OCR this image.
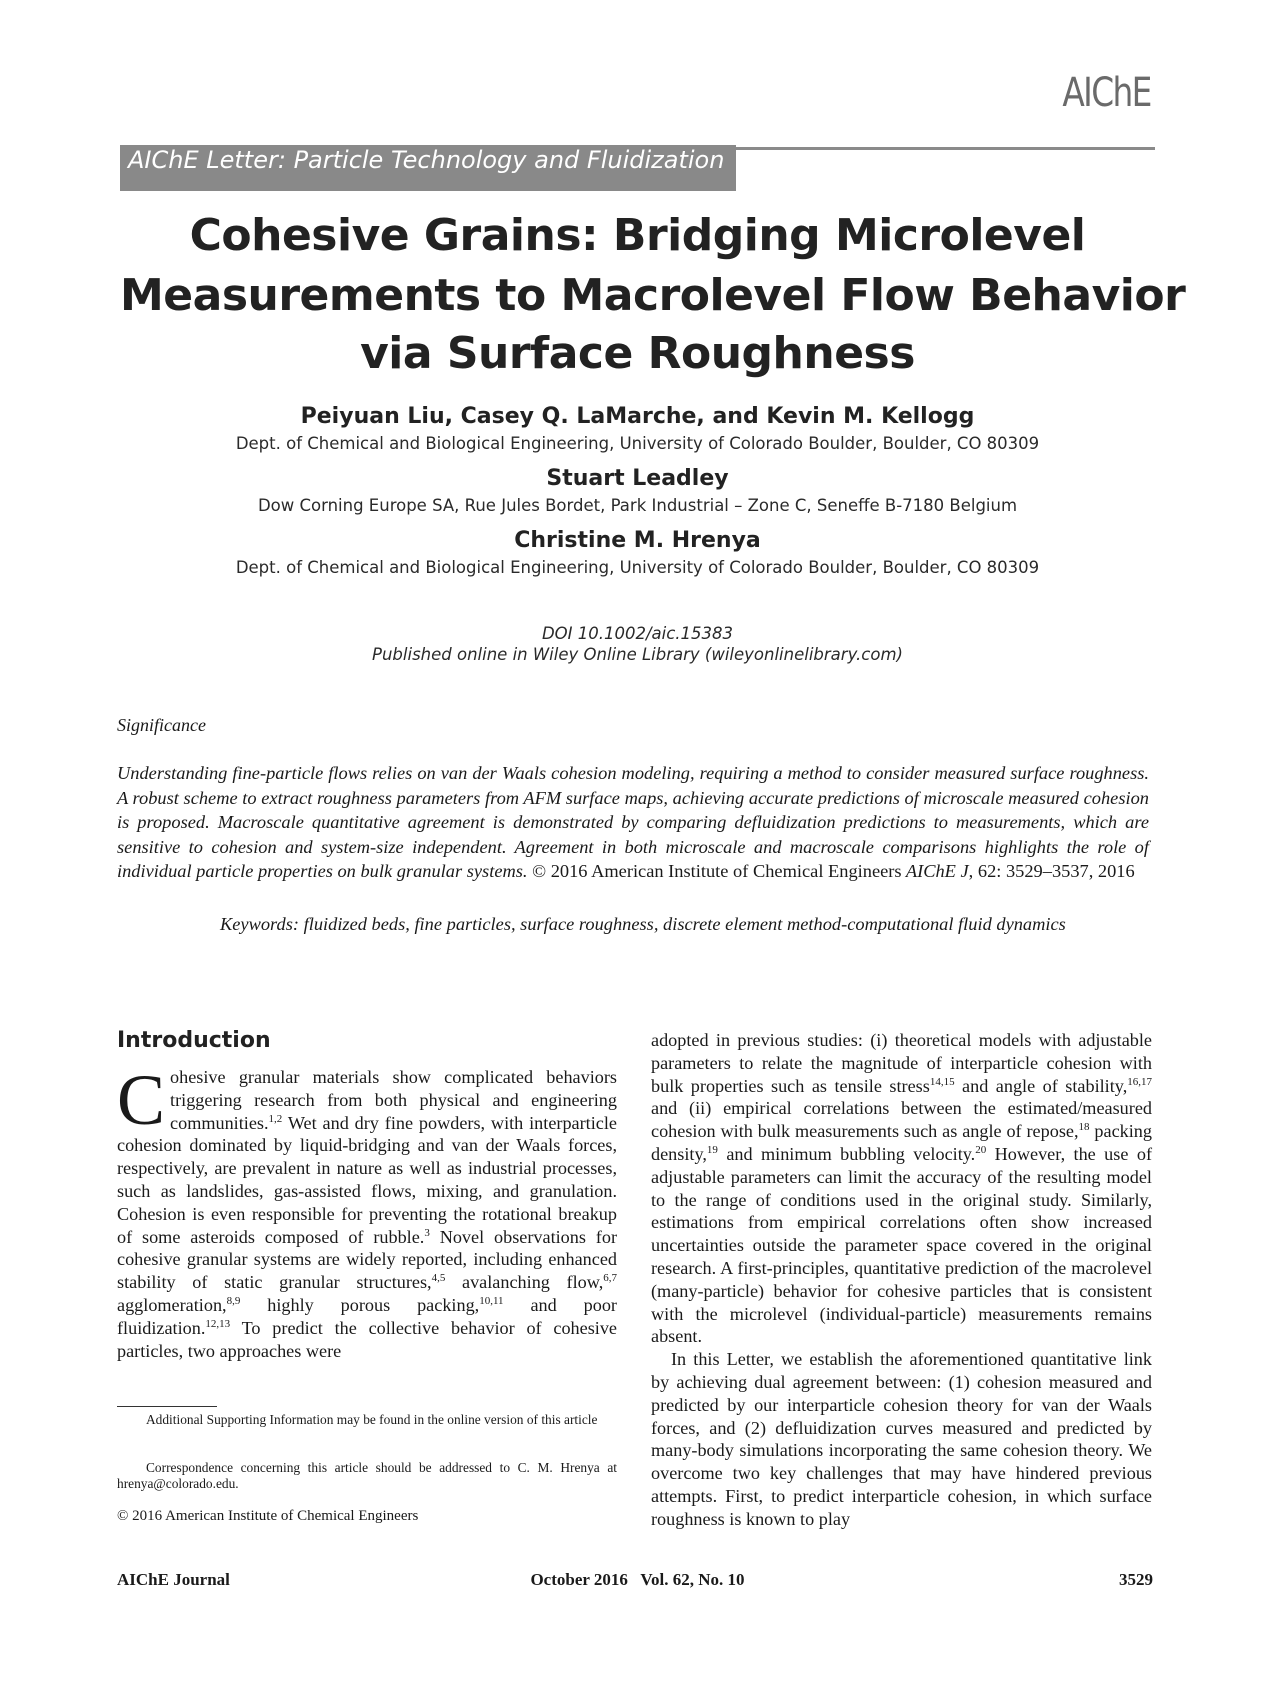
AIChE
AIChE Letter: Particle Technology and Fluidization
Cohesive Grains: Bridging Microlevel
Measurements to Macrolevel Flow Behavior
via Surface Roughness
Peiyuan Liu, Casey Q. LaMarche, and Kevin M. Kellogg
Dept. of Chemical and Biological Engineering, University of Colorado Boulder, Boulder, CO 80309
Stuart Leadley
Dow Corning Europe SA, Rue Jules Bordet, Park Industrial – Zone C, Seneffe B-7180 Belgium
Christine M. Hrenya
Dept. of Chemical and Biological Engineering, University of Colorado Boulder, Boulder, CO 80309
DOI 10.1002/aic.15383
Published online in Wiley Online Library (wileyonlinelibrary.com)
Significance
Understanding fine-particle flows relies on van der Waals cohesion modeling, requiring a method to consider measured surface roughness. A robust scheme to extract roughness parameters from AFM surface maps, achieving accurate predictions of microscale measured cohesion is proposed. Macroscale quantitative agreement is demonstrated by comparing defluidization predictions to measurements, which are sensitive to cohesion and system-size independent. Agreement in both microscale and macroscale comparisons highlights the role of individual particle properties on bulk granular systems. © 2016 American Institute of Chemical Engineers AIChE J, 62: 3529–3537, 2016
Keywords: fluidized beds, fine particles, surface roughness, discrete element method-computational fluid dynamics
Introduction
Cohesive granular materials show complicated behaviors triggering research from both physical and engineering communities.$^{1,2}$ Wet and dry fine powders, with interparticle cohesion dominated by liquid-bridging and van der Waals forces, respectively, are prevalent in nature as well as industrial processes, such as landslides, gas-assisted flows, mixing, and granulation. Cohesion is even responsible for preventing the rotational breakup of some asteroids composed of rubble.$^3$ Novel observations for cohesive granular systems are widely reported, including enhanced stability of static granular structures,$^{4,5}$ avalanching flow,$^{6,7}$ agglomeration,$^{8,9}$ highly porous packing,$^{10,11}$ and poor fluidization.$^{12,13}$ To predict the collective behavior of cohesive particles, two approaches were
adopted in previous studies: (i) theoretical models with adjustable parameters to relate the magnitude of interparticle cohesion with bulk properties such as tensile stress$^{14,15}$ and angle of stability,$^{16,17}$ and (ii) empirical correlations between the estimated/measured cohesion with bulk measurements such as angle of repose,$^{18}$ packing density,$^{19}$ and minimum bubbling velocity.$^{20}$ However, the use of adjustable parameters can limit the accuracy of the resulting model to the range of conditions used in the original study. Similarly, estimations from empirical correlations often show increased uncertainties outside the parameter space covered in the original research. A first-principles, quantitative prediction of the macrolevel (many-particle) behavior for cohesive particles that is consistent with the microlevel (individual-particle) measurements remains absent.
In this Letter, we establish the aforementioned quantitative link by achieving dual agreement between: (1) cohesion measured and predicted by our interparticle cohesion theory for van der Waals forces, and (2) defluidization curves measured and predicted by many-body simulations incorporating the same cohesion theory. We overcome two key challenges that may have hindered previous attempts. First, to predict interparticle cohesion, in which surface roughness is known to play
Additional Supporting Information may be found in the online version of this article
Correspondence concerning this article should be addressed to C. M. Hrenya at hrenya@colorado.edu.
© 2016 American Institute of Chemical Engineers
AIChE Journal	October 2016   Vol. 62, No. 10	3529
